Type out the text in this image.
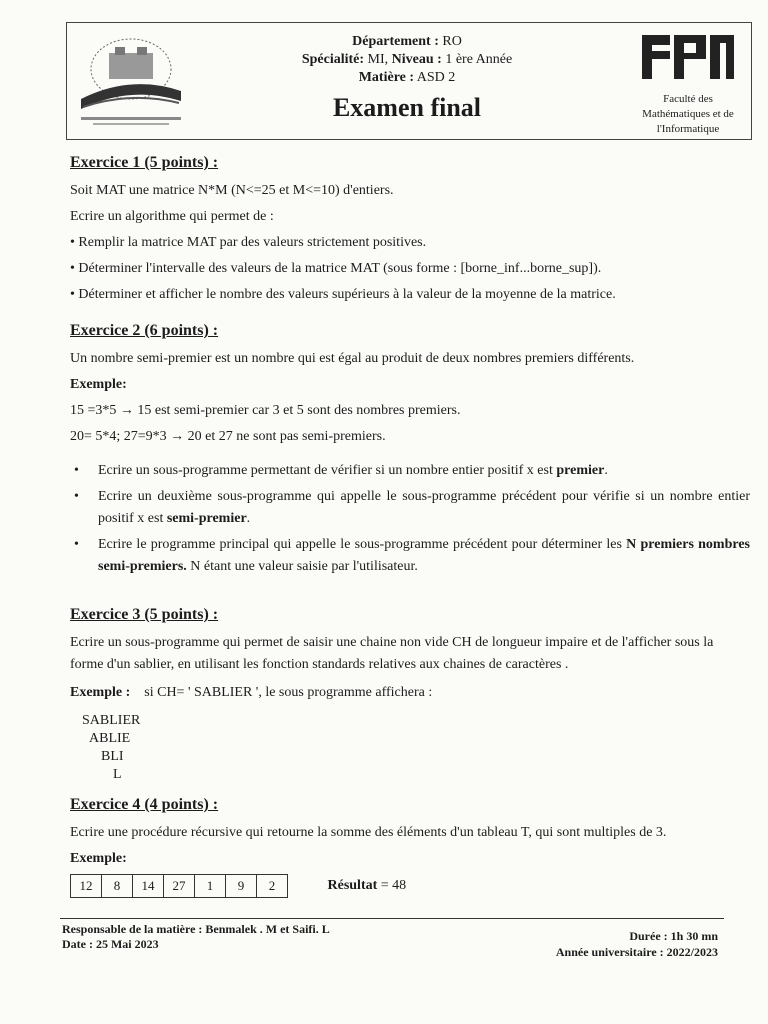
Département : RO
Spécialité: MI, Niveau : 1 ère Année
Matière : ASD 2
Examen final	Faculté des Mathématiques et de l'Informatique
Exercice 1 (5 points) :
Soit MAT une matrice N*M (N<=25 et M<=10) d'entiers.
Ecrire un algorithme qui permet de :
• Remplir la matrice MAT par des valeurs strictement positives.
• Déterminer l'intervalle des valeurs de la matrice MAT (sous forme : [borne_inf...borne_sup]).
• Déterminer et afficher le nombre des valeurs supérieurs à la valeur de la moyenne de la matrice.
Exercice 2 (6 points) :
Un nombre semi-premier est un nombre qui est égal au produit de deux nombres premiers différents.
Exemple:
15 =3*5 → 15 est semi-premier car 3 et 5 sont des nombres premiers.
20= 5*4; 27=9*3 → 20 et 27 ne sont pas semi-premiers.
• Ecrire un sous-programme permettant de vérifier si un nombre entier positif x est premier.
• Ecrire un deuxième sous-programme qui appelle le sous-programme précédent pour vérifie si un nombre entier positif x est semi-premier.
• Ecrire le programme principal qui appelle le sous-programme précédent pour déterminer les N premiers nombres semi-premiers. N étant une valeur saisie par l'utilisateur.
Exercice 3 (5 points) :
Ecrire un sous-programme qui permet de saisir une chaine non vide CH de longueur impaire et de l'afficher sous la forme d'un sablier, en utilisant les fonction standards relatives aux chaines de caractères .
Exemple : si CH= ' SABLIER ', le sous programme affichera :
SABLIER
ABLIE
BLI
L
Exercice 4 (4 points) :
Ecrire une procédure récursive qui retourne la somme des éléments d'un tableau T, qui sont multiples de 3.
Exemple:
12	8	14	27	1	9	2	Résultat = 48
Responsable de la matière : Benmalek . M et Saifi. L
Date : 25 Mai 2023
Durée : 1h 30 mn
Année universitaire : 2022/2023
